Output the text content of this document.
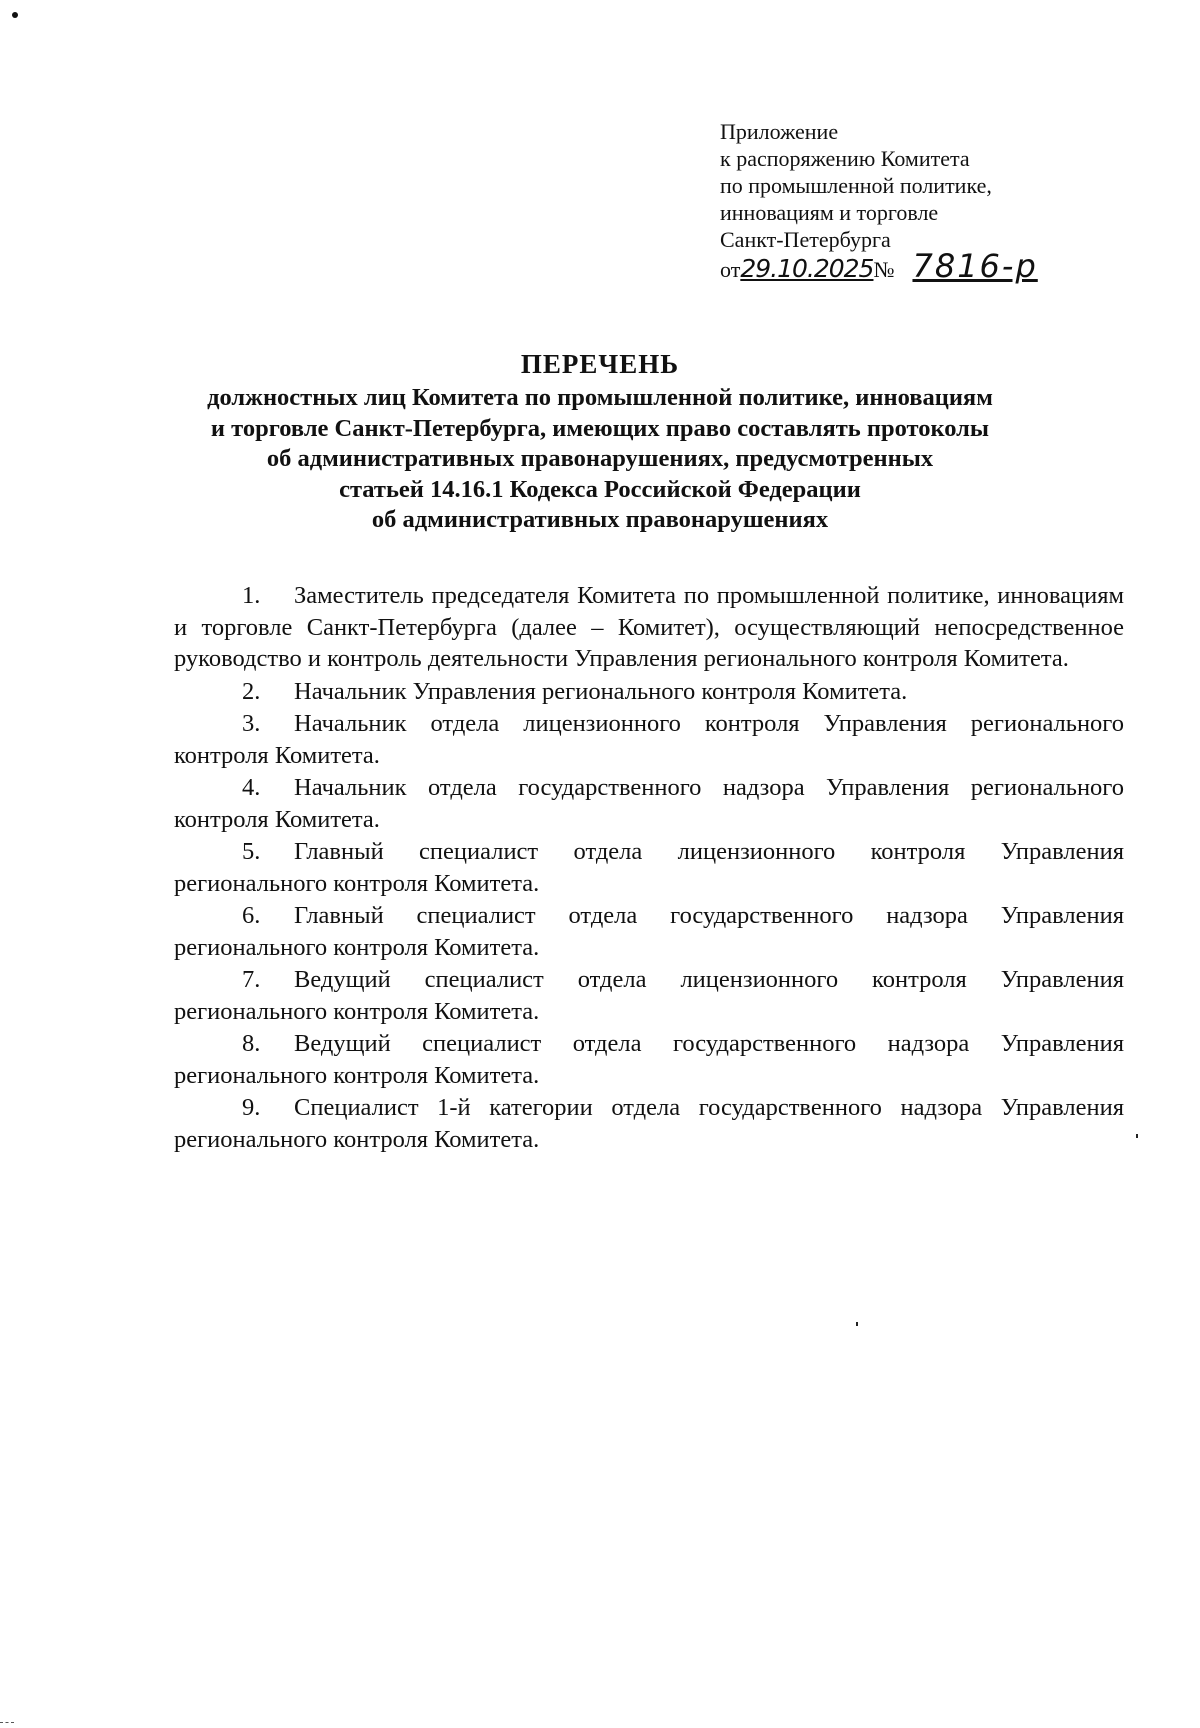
Приложение
к распоряжению Комитета
по промышленной политике,
инновациям и торговле
Санкт-Петербурга
от29.10.2025№ 7816-р
ПЕРЕЧЕНЬ
должностных лиц Комитета по промышленной политике, инновациям
и торговле Санкт-Петербурга, имеющих право составлять протоколы
об административных правонарушениях, предусмотренных
статьей 14.16.1 Кодекса Российской Федерации
об административных правонарушениях

1. Заместитель председателя Комитета по промышленной политике, инновациям и торговле Санкт-Петербурга (далее – Комитет), осуществляющий непосредственное руководство и контроль деятельности Управления регионального контроля Комитета.

2. Начальник Управления регионального контроля Комитета.

3. Начальник отдела лицензионного контроля Управления регионального контроля Комитета.

4. Начальник отдела государственного надзора Управления регионального контроля Комитета.

5. Главный специалист отдела лицензионного контроля Управления регионального контроля Комитета.

6. Главный специалист отдела государственного надзора Управления регионального контроля Комитета.

7. Ведущий специалист отдела лицензионного контроля Управления регионального контроля Комитета.

8. Ведущий специалист отдела государственного надзора Управления регионального контроля Комитета.

9. Специалист 1-й категории отдела государственного надзора Управления регионального контроля Комитета.
